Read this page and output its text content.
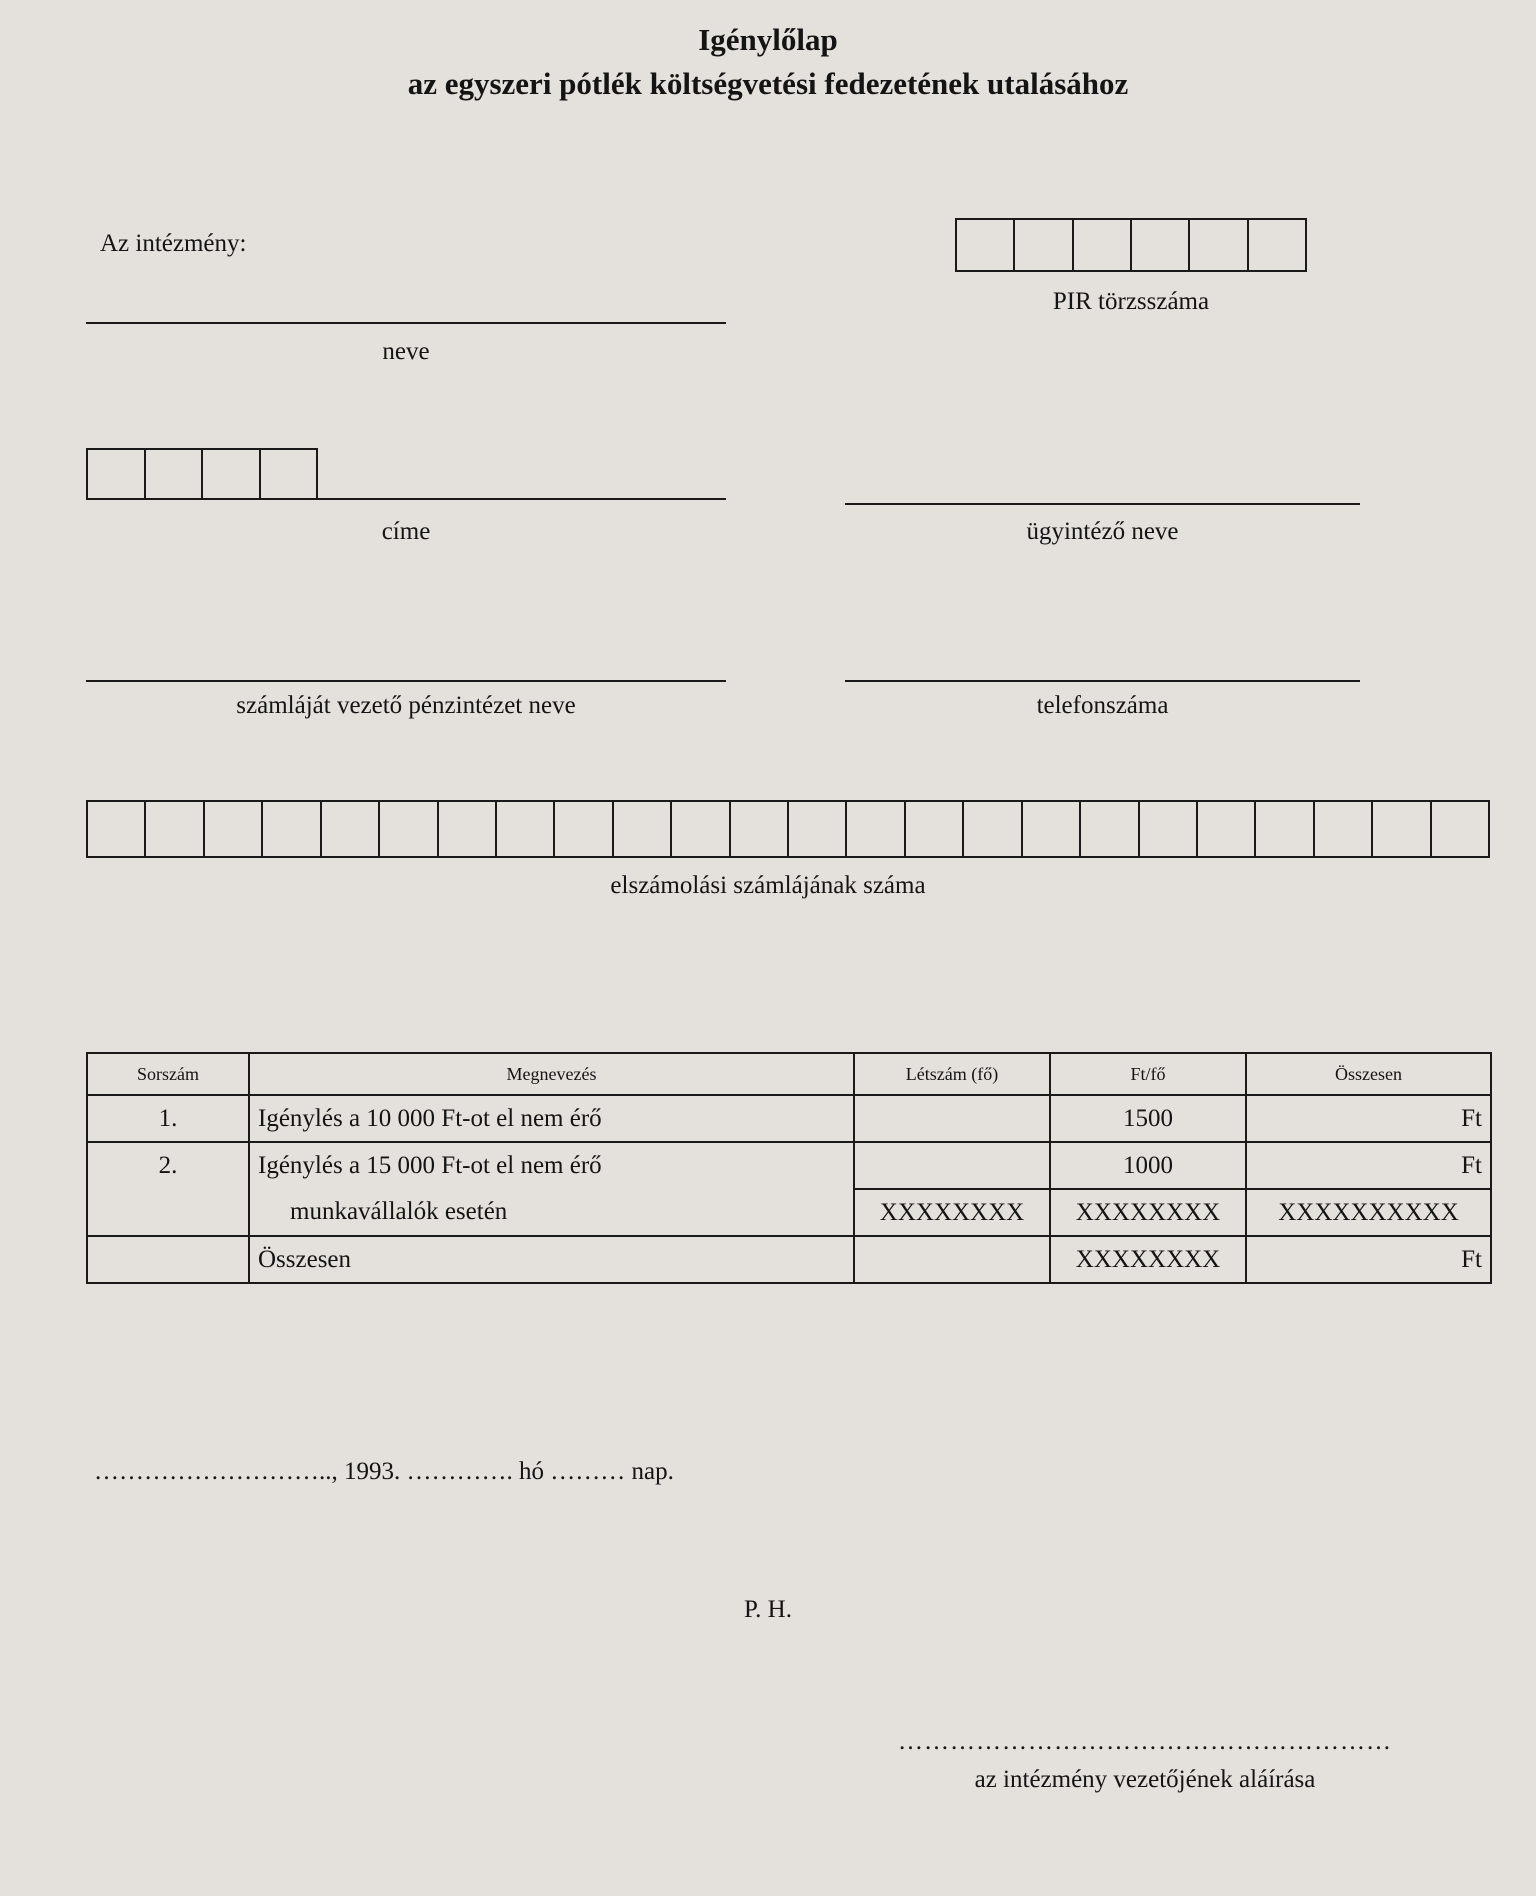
Igénylőlap
az egyszeri pótlék költségvetési fedezetének utalásához
Az intézmény:
PIR törzsszáma
neve
címe	ügyintéző neve
számláját vezető pénzintézet neve	telefonszáma
elszámolási számlájának száma
Sorszám	Megnevezés	Létszám (fő)	Ft/fő	Összesen
1.	Igénylés a 10 000 Ft-ot el nem érő		1500	Ft
2.	Igénylés a 15 000 Ft-ot el nem érő		1000	Ft
	munkavállalók esetén	XXXXXXXX	XXXXXXXX	XXXXXXXXXX
	Összesen		XXXXXXXX	Ft
……………………….., 1993. …………. hó ……… nap.
P. H.
…………………………………………………
az intézmény vezetőjének aláírása
